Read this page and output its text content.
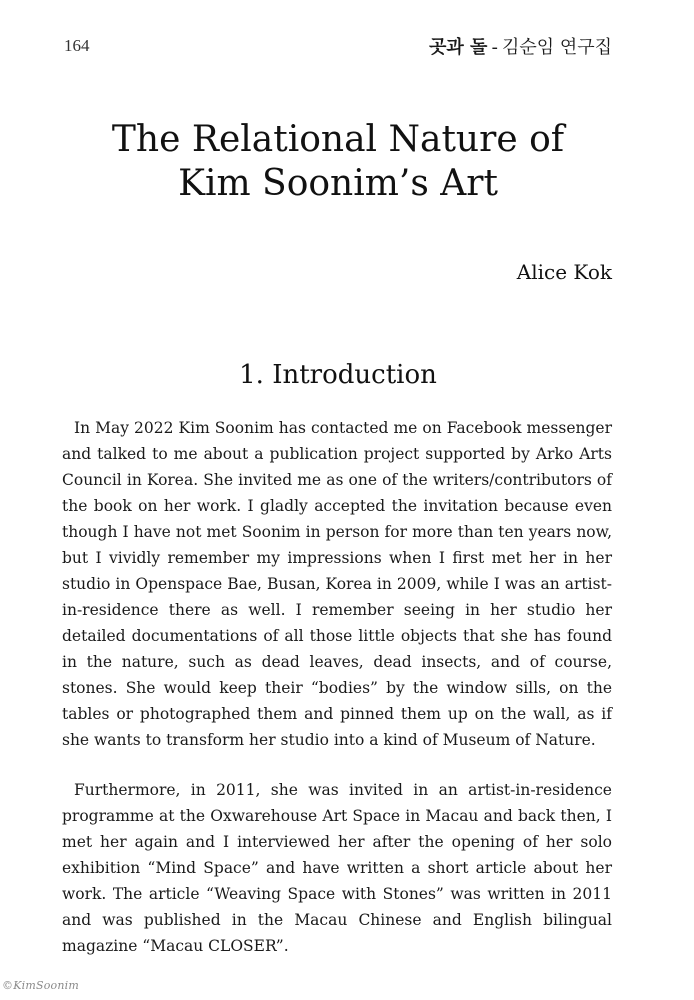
164	곳과 돌 - 김순임 연구집
The Relational Nature of
Kim Soonim’s Art
Alice Kok
1. Introduction

In May 2022 Kim Soonim has contacted me on Facebook messenger and talked to me about a publication project supported by Arko Arts Council in Korea. She invited me as one of the writers/contributors of the book on her work. I gladly accepted the invitation because even though I have not met Soonim in person for more than ten years now, but I vividly remember my impressions when I first met her in her studio in Openspace Bae, Busan, Korea in 2009, while I was an artist-in-residence there as well. I remember seeing in her studio her detailed documentations of all those little objects that she has found in the nature, such as dead leaves, dead insects, and of course, stones. She would keep their “bodies” by the window sills, on the tables or photographed them and pinned them up on the wall, as if she wants to transform her studio into a kind of Museum of Nature.

Furthermore, in 2011, she was invited in an artist-in-residence programme at the Oxwarehouse Art Space in Macau and back then, I met her again and I interviewed her after the opening of her solo exhibition “Mind Space” and have written a short article about her work. The article “Weaving Space with Stones” was written in 2011 and was published in the Macau Chinese and English bilingual magazine “Macau CLOSER”.

©KimSoonim
